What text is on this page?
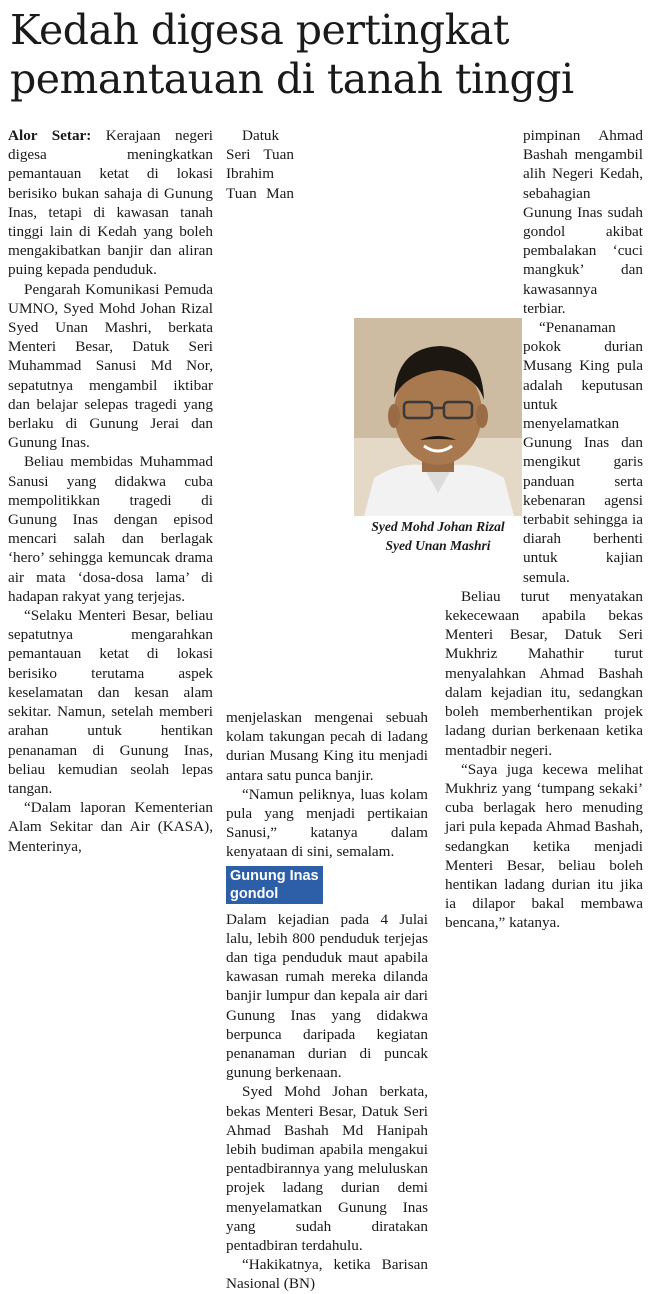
Kedah digesa pertingkat
pemantauan di tanah tinggi

Alor Setar: Kerajaan negeri digesa meningkatkan pemantauan ketat di lokasi berisiko bukan sahaja di Gunung Inas, tetapi di kawasan tanah tinggi lain di Kedah yang boleh mengakibatkan banjir dan aliran puing kepada penduduk.

Pengarah Komunikasi Pemuda UMNO, Syed Mohd Johan Rizal Syed Unan Mashri, berkata Menteri Besar, Datuk Seri Muhammad Sanusi Md Nor, sepatutnya mengambil iktibar dan belajar selepas tragedi yang berlaku di Gunung Jerai dan Gunung Inas.

Beliau membidas Muhammad Sanusi yang didakwa cuba mempolitikkan tragedi di Gunung Inas dengan episod mencari salah dan berlagak ‘hero’ sehingga kemuncak drama air mata ‘dosa-dosa lama’ di hadapan rakyat yang terjejas.

“Selaku Menteri Besar, beliau sepatutnya mengarahkan pemantauan ketat di lokasi berisiko terutama aspek keselamatan dan kesan alam sekitar. Namun, setelah memberi arahan untuk hentikan penanaman di Gunung Inas, beliau kemudian seolah lepas tangan.

“Dalam laporan Kementerian Alam Sekitar dan Air (KASA), Menterinya,

Datuk Seri Tuan Ibrahim Tuan Man menjelaskan mengenai sebuah kolam takungan pecah di ladang durian Musang King itu menjadi antara satu punca banjir.

“Namun peliknya, luas kolam pula yang menjadi pertikaian Sanusi,” katanya dalam kenyataan di sini, semalam.

Gunung Inas
gondol

Dalam kejadian pada 4 Julai lalu, lebih 800 penduduk terjejas dan tiga penduduk maut apabila kawasan rumah mereka dilanda banjir lumpur dan kepala air dari Gunung Inas yang didakwa berpunca daripada kegiatan penanaman durian di puncak gunung berkenaan.

Syed Mohd Johan berkata, bekas Menteri Besar, Datuk Seri Ahmad Bashah Md Hanipah lebih budiman apabila mengakui pentadbirannya yang meluluskan projek ladang durian demi menyelamatkan Gunung Inas yang sudah diratakan pentadbiran terdahulu.

“Hakikatnya, ketika Barisan Nasional (BN)

pimpinan Ahmad Bashah mengambil alih Negeri Kedah, sebahagian Gunung Inas sudah gondol akibat pembalakan ‘cuci mangkuk’ dan kawasannya terbiar.

“Penanaman pokok durian Musang King pula adalah keputusan untuk menyelamatkan Gunung Inas dan mengikut garis panduan serta kebenaran agensi terbabit sehingga ia diarah berhenti untuk kajian semula.

Beliau turut menyatakan kekecewaan apabila bekas Menteri Besar, Datuk Seri Mukhriz Mahathir turut menyalahkan Ahmad Bashah dalam kejadian itu, sedangkan boleh memberhentikan projek ladang durian berkenaan ketika mentadbir negeri.

“Saya juga kecewa melihat Mukhriz yang ‘tumpang sekaki’ cuba berlagak hero menuding jari pula kepada Ahmad Bashah, sedangkan ketika menjadi Menteri Besar, beliau boleh hentikan ladang durian itu jika ia dilapor bakal membawa bencana,” katanya.

Syed Mohd Johan Rizal
Syed Unan Mashri
